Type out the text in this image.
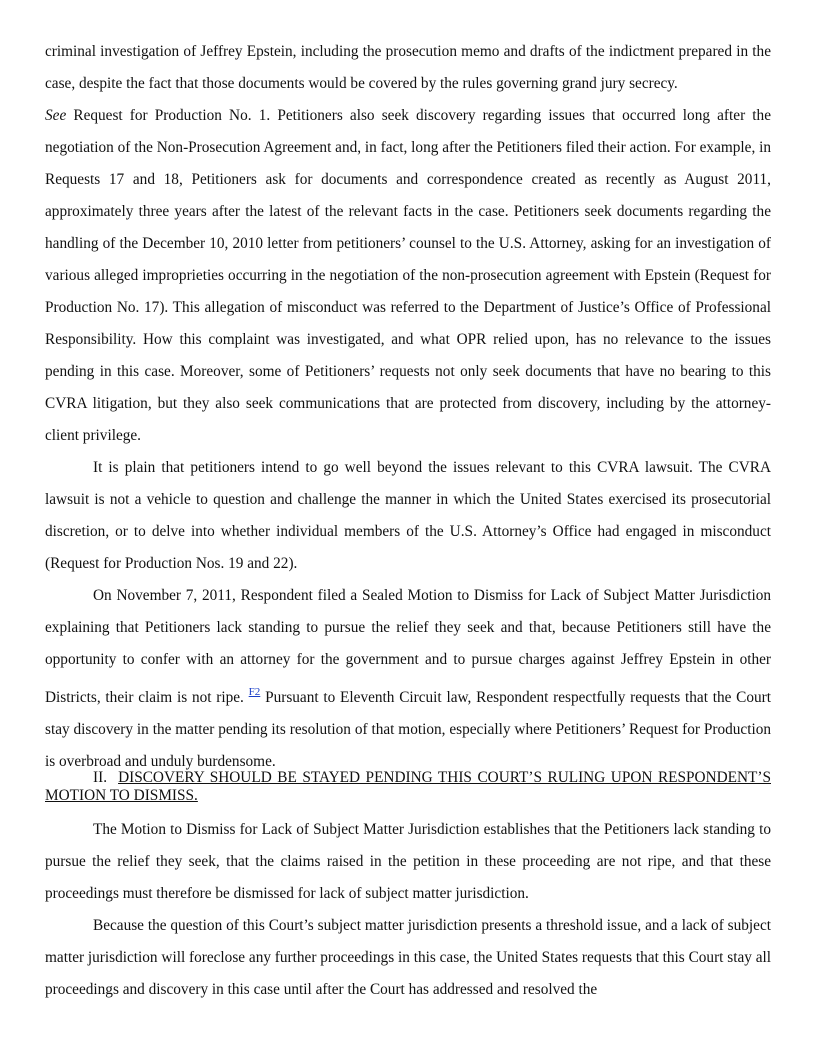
criminal investigation of Jeffrey Epstein, including the prosecution memo and drafts of the indictment prepared in the case, despite the fact that those documents would be covered by the rules governing grand jury secrecy.
See Request for Production No. 1. Petitioners also seek discovery regarding issues that occurred long after the negotiation of the Non-Prosecution Agreement and, in fact, long after the Petitioners filed their action. For example, in Requests 17 and 18, Petitioners ask for documents and correspondence created as recently as August 2011, approximately three years after the latest of the relevant facts in the case. Petitioners seek documents regarding the handling of the December 10, 2010 letter from petitioners’ counsel to the U.S. Attorney, asking for an investigation of various alleged improprieties occurring in the negotiation of the non-prosecution agreement with Epstein (Request for Production No. 17). This allegation of misconduct was referred to the Department of Justice’s Office of Professional Responsibility. How this complaint was investigated, and what OPR relied upon, has no relevance to the issues pending in this case. Moreover, some of Petitioners’ requests not only seek documents that have no bearing to this CVRA litigation, but they also seek communications that are protected from discovery, including by the attorney-client privilege.

It is plain that petitioners intend to go well beyond the issues relevant to this CVRA lawsuit. The CVRA lawsuit is not a vehicle to question and challenge the manner in which the United States exercised its prosecutorial discretion, or to delve into whether individual members of the U.S. Attorney’s Office had engaged in misconduct (Request for Production Nos. 19 and 22).

On November 7, 2011, Respondent filed a Sealed Motion to Dismiss for Lack of Subject Matter Jurisdiction explaining that Petitioners lack standing to pursue the relief they seek and that, because Petitioners still have the opportunity to confer with an attorney for the government and to pursue charges against Jeffrey Epstein in other Districts, their claim is not ripe. $^{F2}$ Pursuant to Eleventh Circuit law, Respondent respectfully requests that the Court stay discovery in the matter pending its resolution of that motion, especially where Petitioners’ Request for Production is overbroad and unduly burdensome.

II. DISCOVERY SHOULD BE STAYED PENDING THIS COURT’S RULING UPON RESPONDENT’S MOTION TO DISMISS.

The Motion to Dismiss for Lack of Subject Matter Jurisdiction establishes that the Petitioners lack standing to pursue the relief they seek, that the claims raised in the petition in these proceeding are not ripe, and that these proceedings must therefore be dismissed for lack of subject matter jurisdiction.

Because the question of this Court’s subject matter jurisdiction presents a threshold issue, and a lack of subject matter jurisdiction will foreclose any further proceedings in this case, the United States requests that this Court stay all proceedings and discovery in this case until after the Court has addressed and resolved the
